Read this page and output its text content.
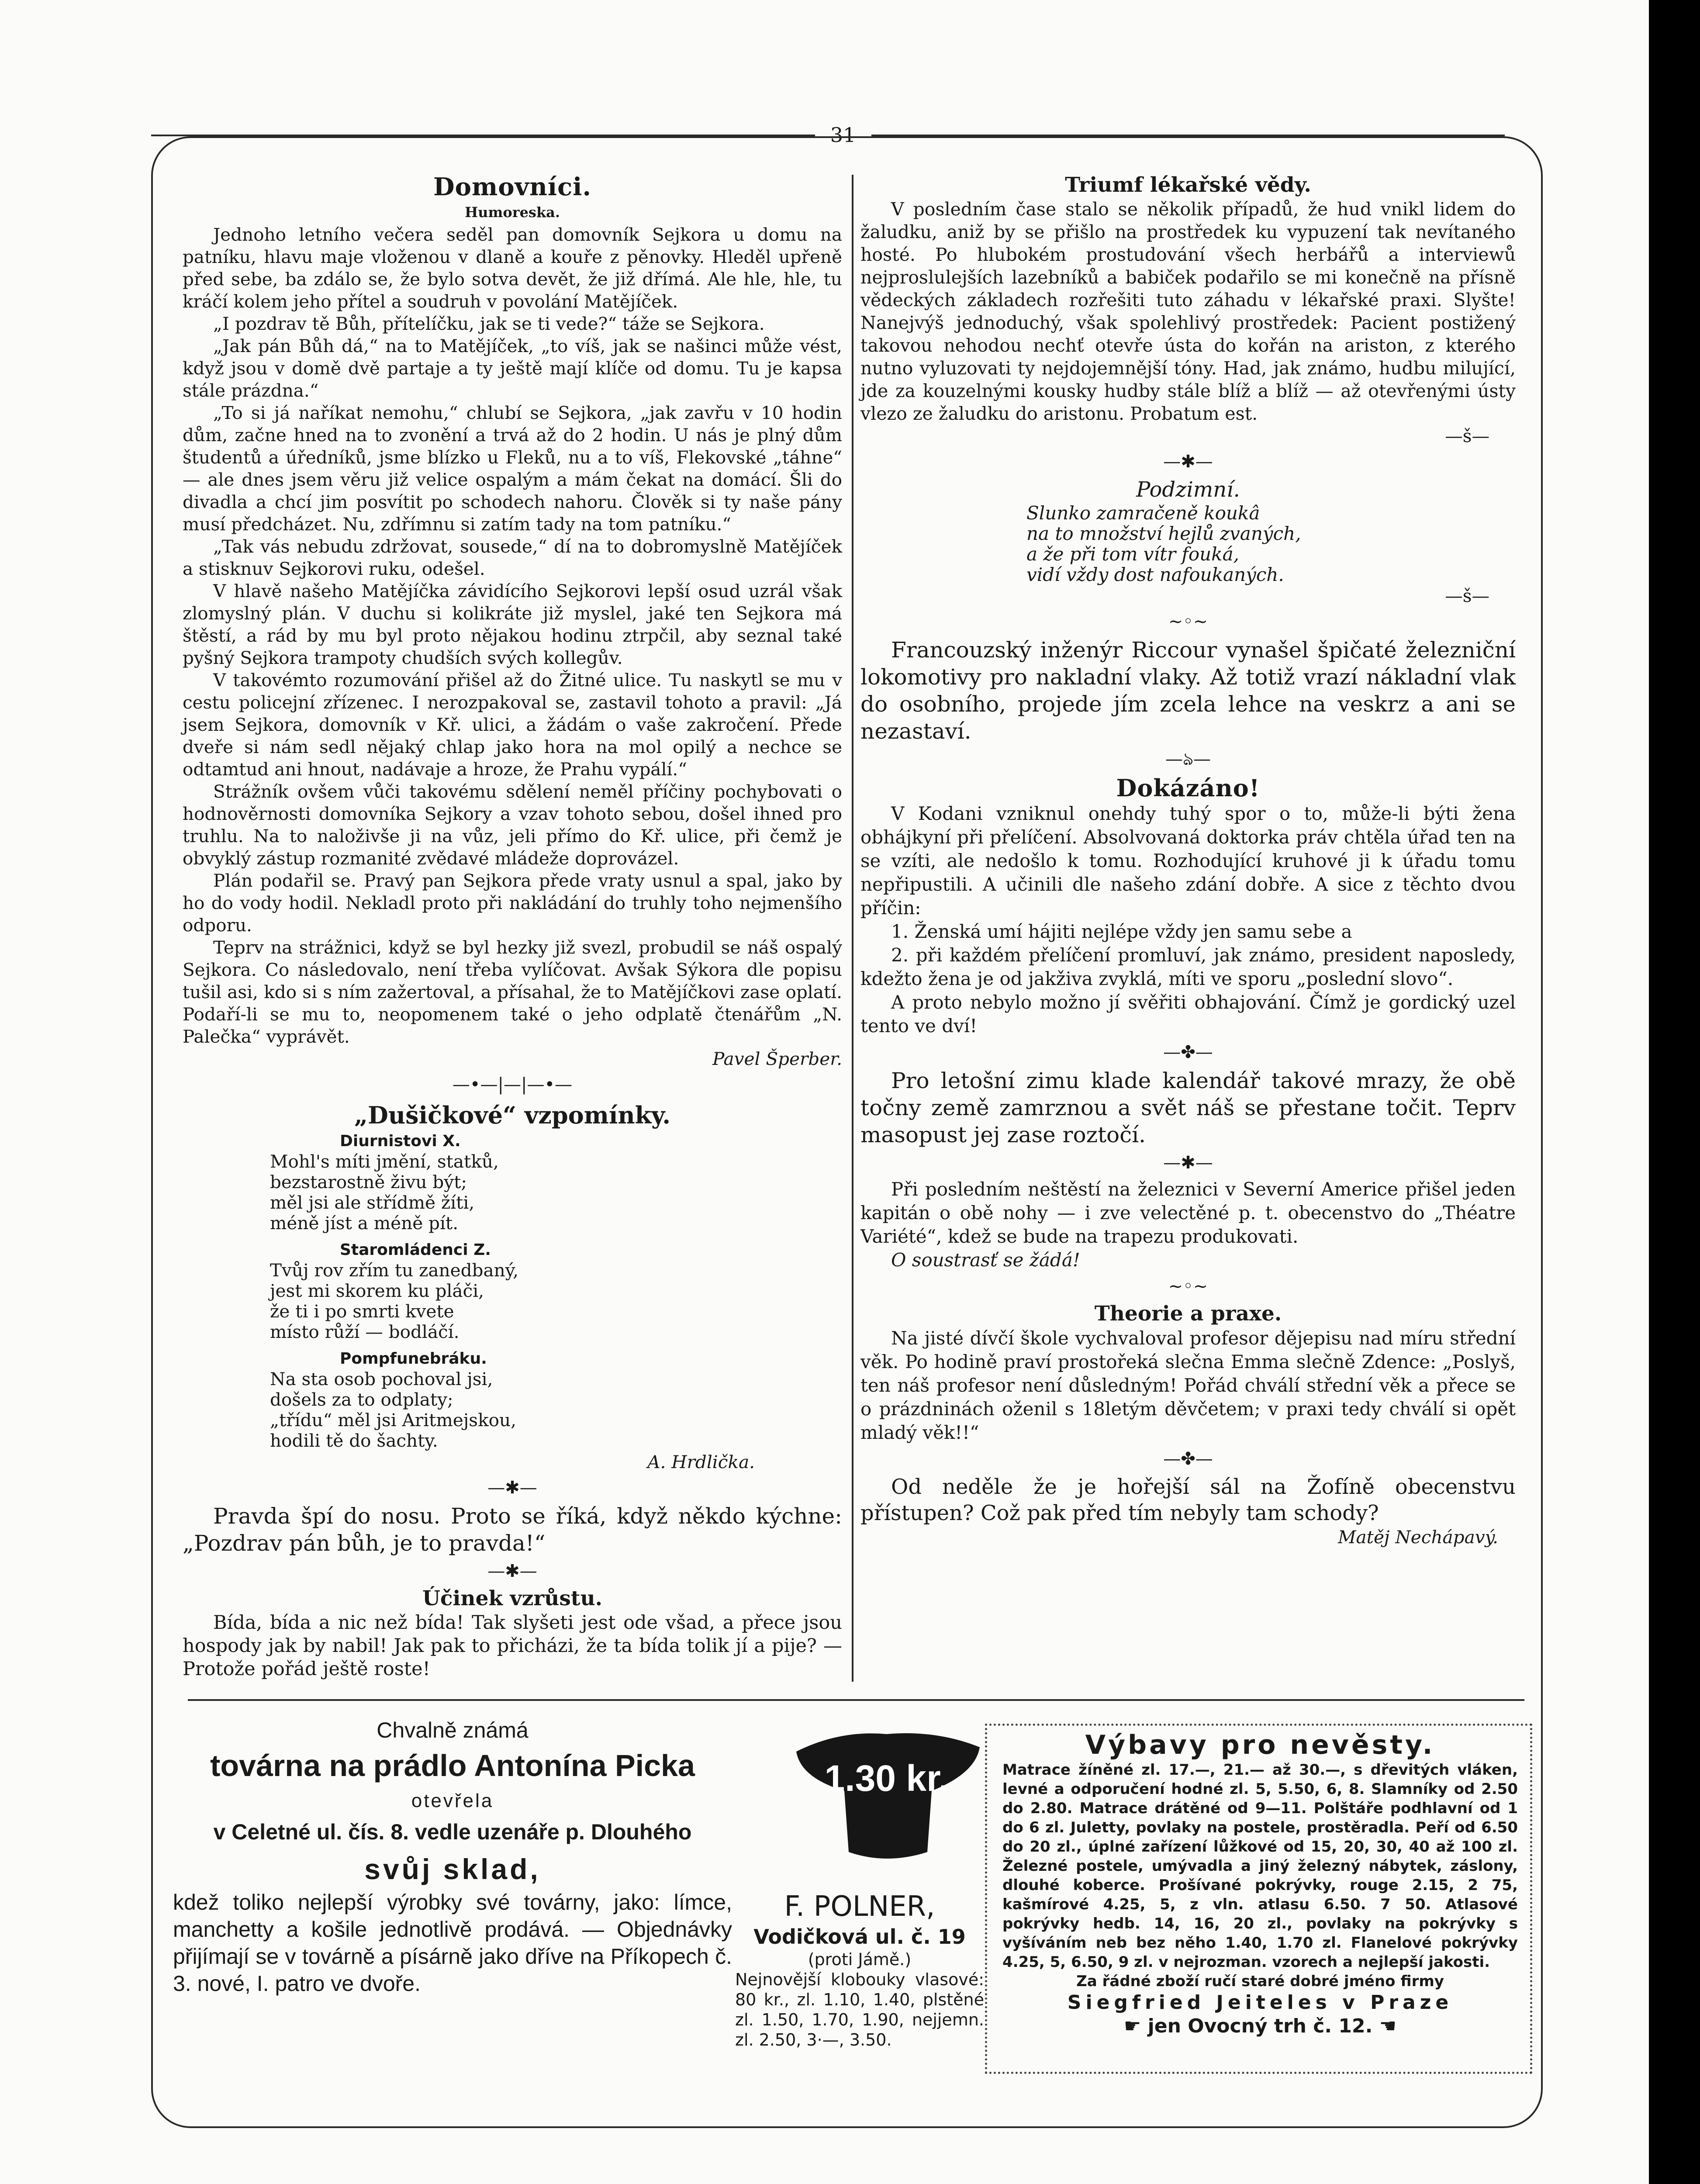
31
Domovníci.
Humoreska.

Jednoho letního večera seděl pan domovník Sejkora u domu na patníku, hlavu maje vloženou v dlaně a kouře z pěnovky. Hleděl upřeně před sebe, ba zdálo se, že bylo sotva devět, že již dřímá. Ale hle, hle, tu kráčí kolem jeho přítel a soudruh v povolání Matějíček.

„I pozdrav tě Bůh, přítelíčku, jak se ti vede?“ táže se Sejkora.

„Jak pán Bůh dá,“ na to Matějíček, „to víš, jak se našinci může vést, když jsou v domě dvě partaje a ty ještě mají klíče od domu. Tu je kapsa stále prázdna.“

„To si já naříkat nemohu,“ chlubí se Sejkora, „jak zavřu v 10 hodin dům, začne hned na to zvonění a trvá až do 2 hodin. U nás je plný dům študentů a úředníků, jsme blízko u Fleků, nu a to víš, Flekovské „táhne“ — ale dnes jsem věru již velice ospalým a mám čekat na domácí. Šli do divadla a chcí jim posvítit po schodech nahoru. Člověk si ty naše pány musí předcházet. Nu, zdřímnu si zatím tady na tom patníku.“

„Tak vás nebudu zdržovat, sousede,“ dí na to dobromyslně Matějíček a stisknuv Sejkorovi ruku, odešel.

V hlavě našeho Matějíčka závidícího Sejkorovi lepší osud uzrál však zlomyslný plán. V duchu si kolikráte již myslel, jaké ten Sejkora má štěstí, a rád by mu byl proto nějakou hodinu ztrpčil, aby seznal také pyšný Sejkora trampoty chudších svých kollegův.

V takovémto rozumování přišel až do Žitné ulice. Tu naskytl se mu v cestu policejní zřízenec. I nerozpakoval se, zastavil tohoto a pravil: „Já jsem Sejkora, domovník v Kř. ulici, a žádám o vaše zakročení. Přede dveře si nám sedl nějaký chlap jako hora na mol opilý a nechce se odtamtud ani hnout, nadávaje a hroze, že Prahu vypálí.“

Strážník ovšem vůči takovému sdělení neměl příčiny pochybovati o hodnověrnosti domovníka Sejkory a vzav tohoto sebou, došel ihned pro truhlu. Na to naloživše ji na vůz, jeli přímo do Kř. ulice, při čemž je obvyklý zástup rozmanité zvědavé mládeže doprovázel.

Plán podařil se. Pravý pan Sejkora přede vraty usnul a spal, jako by ho do vody hodil. Nekladl proto při nakládání do truhly toho nejmenšího odporu.

Teprv na strážnici, když se byl hezky již svezl, probudil se náš ospalý Sejkora. Co následovalo, není třeba vylíčovat. Avšak Sýkora dle popisu tušil asi, kdo si s ním zažertoval, a přísahal, že to Matějíčkovi zase oplatí. Podaří-li se mu to, neopomenem také o jeho odplatě čtenářům „N. Palečka“ vyprávět.

Pavel Šperber.

—•—|—|—•—
„Dušičkové“ vzpomínky.
Diurnistovi X.
Mohl's míti jmění, statků,
bezstarostně živu být;
měl jsi ale střídmě žíti,
méně jíst a méně pít.
Staromládenci Z.
Tvůj rov zřím tu zanedbaný,
jest mi skorem ku pláči,
že ti i po smrti kvete
místo růží — bodláčí.
Pompfunebráku.
Na sta osob pochoval jsi,
došels za to odplaty;
„třídu“ měl jsi Aritmejskou,
hodili tě do šachty.

A. Hrdlička.

—✱—

Pravda špí do nosu. Proto se říká, když někdo kýchne: „Pozdrav pán bůh, je to pravda!“

—✱—
Účinek vzrůstu.

Bída, bída a nic než bída! Tak slyšeti jest ode všad, a přece jsou hospody jak by nabil! Jak pak to přicházi, že ta bída tolik jí a pije? — Protože pořád ještě roste!

Triumf lékařské vědy.

V posledním čase stalo se několik případů, že hud vnikl lidem do žaludku, aniž by se přišlo na prostředek ku vypuzení tak nevítaného hosté. Po hlubokém prostudování všech herbářů a interviewů nejproslulejších lazebníků a babiček podařilo se mi konečně na přísně vědeckých základech rozřešiti tuto záhadu v lékařské praxi. Slyšte! Nanejvýš jednoduchý, však spolehlivý prostředek: Pacient postižený takovou nehodou nechť otevře ústa do kořán na ariston, z kterého nutno vyluzovati ty nejdojemnější tóny. Had, jak známo, hudbu milující, jde za kouzelnými kousky hudby stále blíž a blíž — až otevřenými ústy vlezo ze žaludku do aristonu. Probatum est.

—š—

—✱—
Podzimní.
Slunko zamračeně koukâ
na to množství hejlů zvaných,
a že při tom vítr fouká,
vidí vždy dost nafoukaných.

—š—

~◦~

Francouzský inženýr Riccour vynašel špičaté železniční lokomotivy pro nakladní vlaky. Až totiž vrazí nákladní vlak do osobního, projede jím zcela lehce na veskrz a ani se nezastaví.

—ঌ—
Dokázáno!

V Kodani vzniknul onehdy tuhý spor o to, může-li býti žena obhájkyní při přelíčení. Absolvovaná doktorka práv chtěla úřad ten na se vzíti, ale nedošlo k tomu. Rozhodující kruhové ji k úřadu tomu nepřipustili. A učinili dle našeho zdání dobře. A sice z těchto dvou příčin:

1. Ženská umí hájiti nejlépe vždy jen samu sebe a

2. při každém přelíčení promluví, jak známo, president naposledy, kdežto žena je od jakživa zvyklá, míti ve sporu „poslední slovo“.

A proto nebylo možno jí svěřiti obhajování. Čímž je gordický uzel tento ve dví!

—✤—

Pro letošní zimu klade kalendář takové mrazy, že obě točny země zamrznou a svět náš se přestane točit. Teprv masopust jej zase roztočí.

—✱—

Při posledním neštěstí na železnici v Severní Americe přišel jeden kapitán o obě nohy — i zve velectěné p. t. obecenstvo do „Théatre Variété“, kdež se bude na trapezu produkovati.

O soustrasť se žádá!

~◦~
Theorie a praxe.

Na jisté dívčí škole vychvaloval profesor dějepisu nad míru střední věk. Po hodině praví prostořeká slečna Emma slečně Zdence: „Poslyš, ten náš profesor není důsledným! Pořád chválí střední věk a přece se o prázdninách oženil s 18letým děvčetem; v praxi tedy chválí si opět mladý věk!!“

—✤—

Od neděle že je hořejší sál na Žofíně obecenstvu přístupen? Což pak před tím nebyly tam schody?

Matěj Nechápavý.

Chvalně známá
továrna na prádlo Antonína Picka
otevřela
v Celetné ul. čís. 8. vedle uzenáře p. Dlouhého
svůj sklad,
kdež toliko nejlepší výrobky své továrny, jako: límce, manchetty a košile jednotlivě prodává. — Objednávky přijímají se v továrně a písárně jako dříve na Příkopech č. 3. nové, I. patro ve dvoře.
1.30 kr.
F. POLNER,
Vodičková ul. č. 19
(proti Jámě.)
Nejnovější klobouky vlasové: 80 kr., zl. 1.10, 1.40, plstěné zl. 1.50, 1.70, 1.90, nejjemn. zl. 2.50, 3·—, 3.50.
Výbavy pro nevěsty.
Matrace žíněné zl. 17.—, 21.— až 30.—, s dřevitých vláken, levné a odporučení hodné zl. 5, 5.50, 6, 8. Slamníky od 2.50 do 2.80. Matrace drátěné od 9—11. Polštáře podhlavní od 1 do 6 zl. Juletty, povlaky na postele, prostěradla. Peří od 6.50 do 20 zl., úplné zařízení lůžkové od 15, 20, 30, 40 až 100 zl. Železné postele, umývadla a jiný železný nábytek, záslony, dlouhé koberce. Prošívané pokrývky, rouge 2.15, 2 75, kašmírové 4.25, 5, z vln. atlasu 6.50. 7 50. Atlasové pokrývky hedb. 14, 16, 20 zl., povlaky na pokrývky s vyšíváním neb bez něho 1.40, 1.70 zl. Flanelové pokrývky 4.25, 5, 6.50, 9 zl. v nejrozman. vzorech a nejlepší jakosti.
Za řádné zboží ručí staré dobré jméno firmy
Siegfried Jeiteles v Praze
☛ jen Ovocný trh č. 12. ☚
